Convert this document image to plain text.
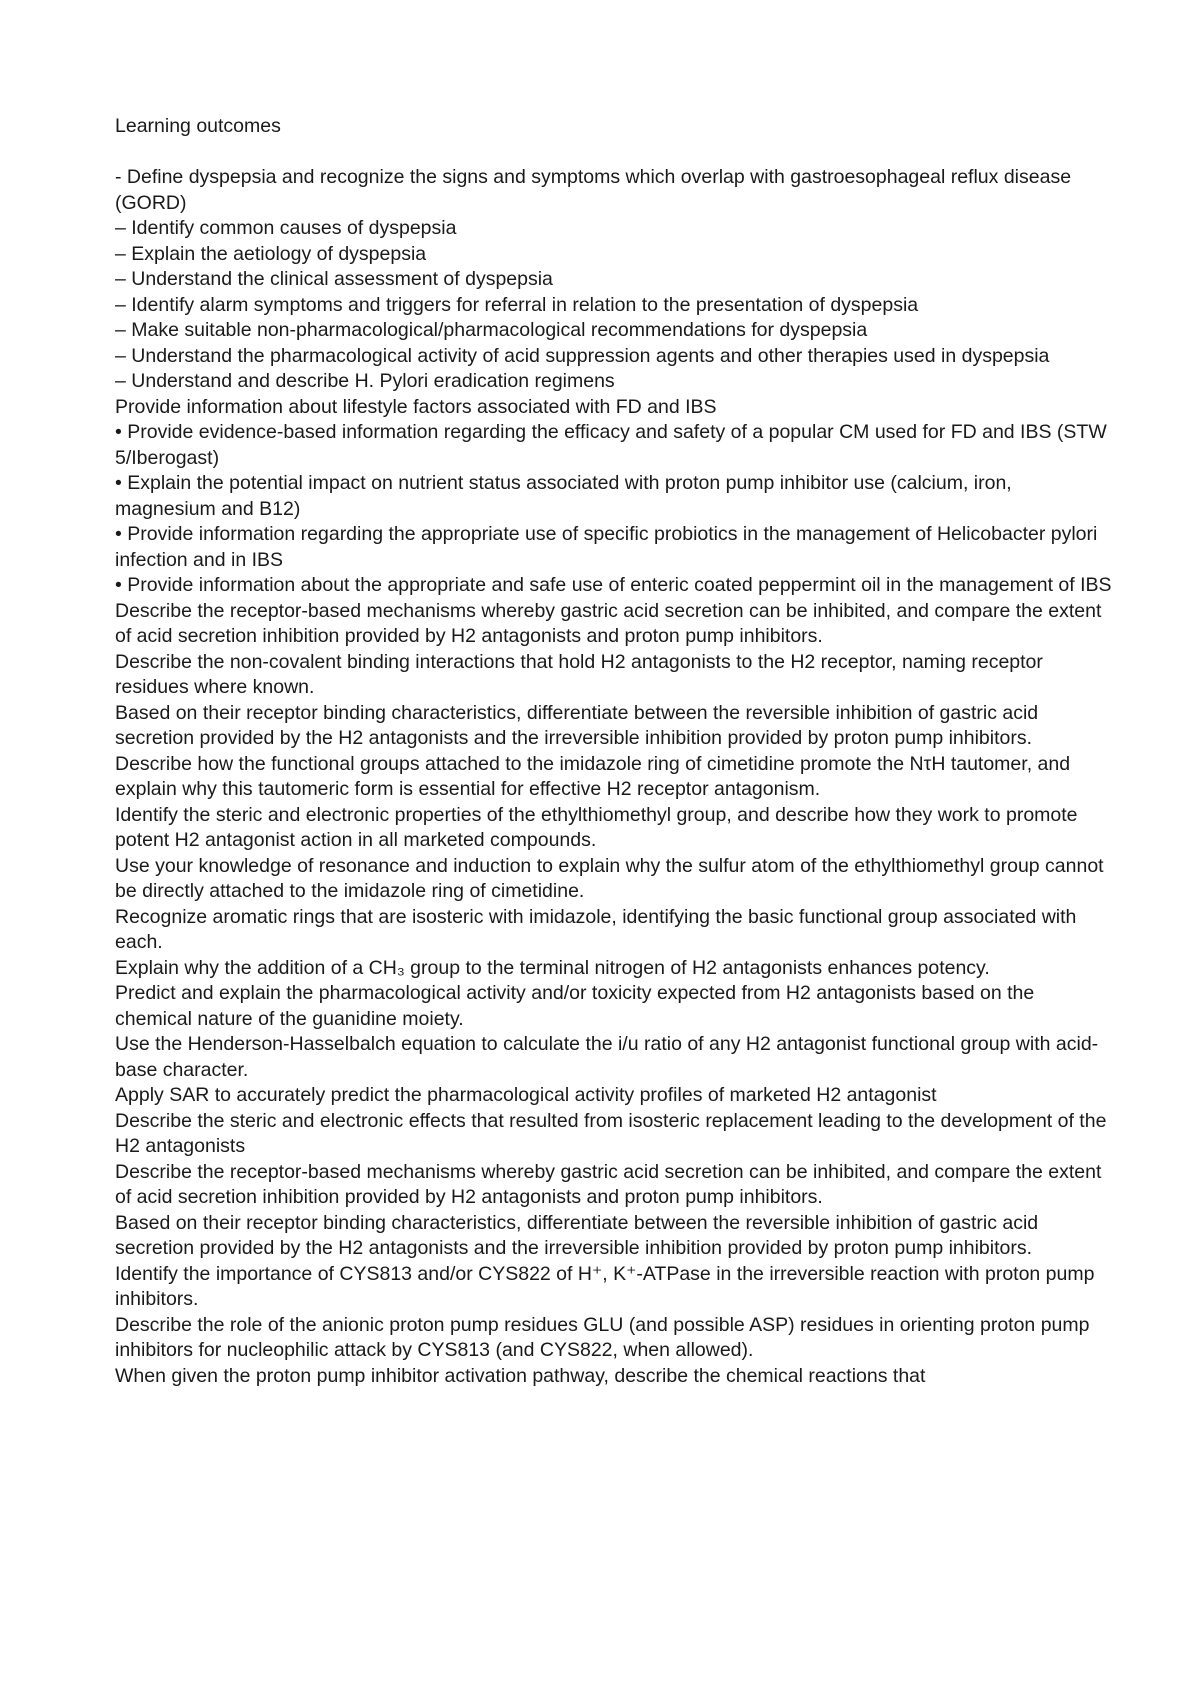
Learning outcomes

- Define dyspepsia and recognize the signs and symptoms which overlap with gastroesophageal reflux disease (GORD)

– Identify common causes of dyspepsia

– Explain the aetiology of dyspepsia

– Understand the clinical assessment of dyspepsia

– Identify alarm symptoms and triggers for referral in relation to the presentation of dyspepsia

– Make suitable non-pharmacological/pharmacological recommendations for dyspepsia

– Understand the pharmacological activity of acid suppression agents and other therapies used in dyspepsia

– Understand and describe H. Pylori eradication regimens

Provide information about lifestyle factors associated with FD and IBS

• Provide evidence-based information regarding the efficacy and safety of a popular CM used for FD and IBS (STW 5/Iberogast)

• Explain the potential impact on nutrient status associated with proton pump inhibitor use (calcium, iron, magnesium and B12)

• Provide information regarding the appropriate use of specific probiotics in the management of Helicobacter pylori infection and in IBS

• Provide information about the appropriate and safe use of enteric coated peppermint oil in the management of IBS

Describe the receptor-based mechanisms whereby gastric acid secretion can be inhibited, and compare the extent of acid secretion inhibition provided by H2 antagonists and proton pump inhibitors.

Describe the non-covalent binding interactions that hold H2 antagonists to the H2 receptor, naming receptor residues where known.

Based on their receptor binding characteristics, differentiate between the reversible inhibition of gastric acid secretion provided by the H2 antagonists and the irreversible inhibition provided by proton pump inhibitors.

Describe how the functional groups attached to the imidazole ring of cimetidine promote the NτH tautomer, and explain why this tautomeric form is essential for effective H2 receptor antagonism.

Identify the steric and electronic properties of the ethylthiomethyl group, and describe how they work to promote potent H2 antagonist action in all marketed compounds.

Use your knowledge of resonance and induction to explain why the sulfur atom of the ethylthiomethyl group cannot be directly attached to the imidazole ring of cimetidine.

Recognize aromatic rings that are isosteric with imidazole, identifying the basic functional group associated with each.

Explain why the addition of a CH₃ group to the terminal nitrogen of H2 antagonists enhances potency.

Predict and explain the pharmacological activity and/or toxicity expected from H2 antagonists based on the chemical nature of the guanidine moiety.

Use the Henderson-Hasselbalch equation to calculate the i/u ratio of any H2 antagonist functional group with acid-base character.

Apply SAR to accurately predict the pharmacological activity profiles of marketed H2 antagonist

Describe the steric and electronic effects that resulted from isosteric replacement leading to the development of the H2 antagonists

Describe the receptor-based mechanisms whereby gastric acid secretion can be inhibited, and compare the extent of acid secretion inhibition provided by H2 antagonists and proton pump inhibitors.

Based on their receptor binding characteristics, differentiate between the reversible inhibition of gastric acid secretion provided by the H2 antagonists and the irreversible inhibition provided by proton pump inhibitors.

Identify the importance of CYS813 and/or CYS822 of H⁺, K⁺-ATPase in the irreversible reaction with proton pump inhibitors.

Describe the role of the anionic proton pump residues GLU (and possible ASP) residues in orienting proton pump inhibitors for nucleophilic attack by CYS813 (and CYS822, when allowed).

When given the proton pump inhibitor activation pathway, describe the chemical reactions that
